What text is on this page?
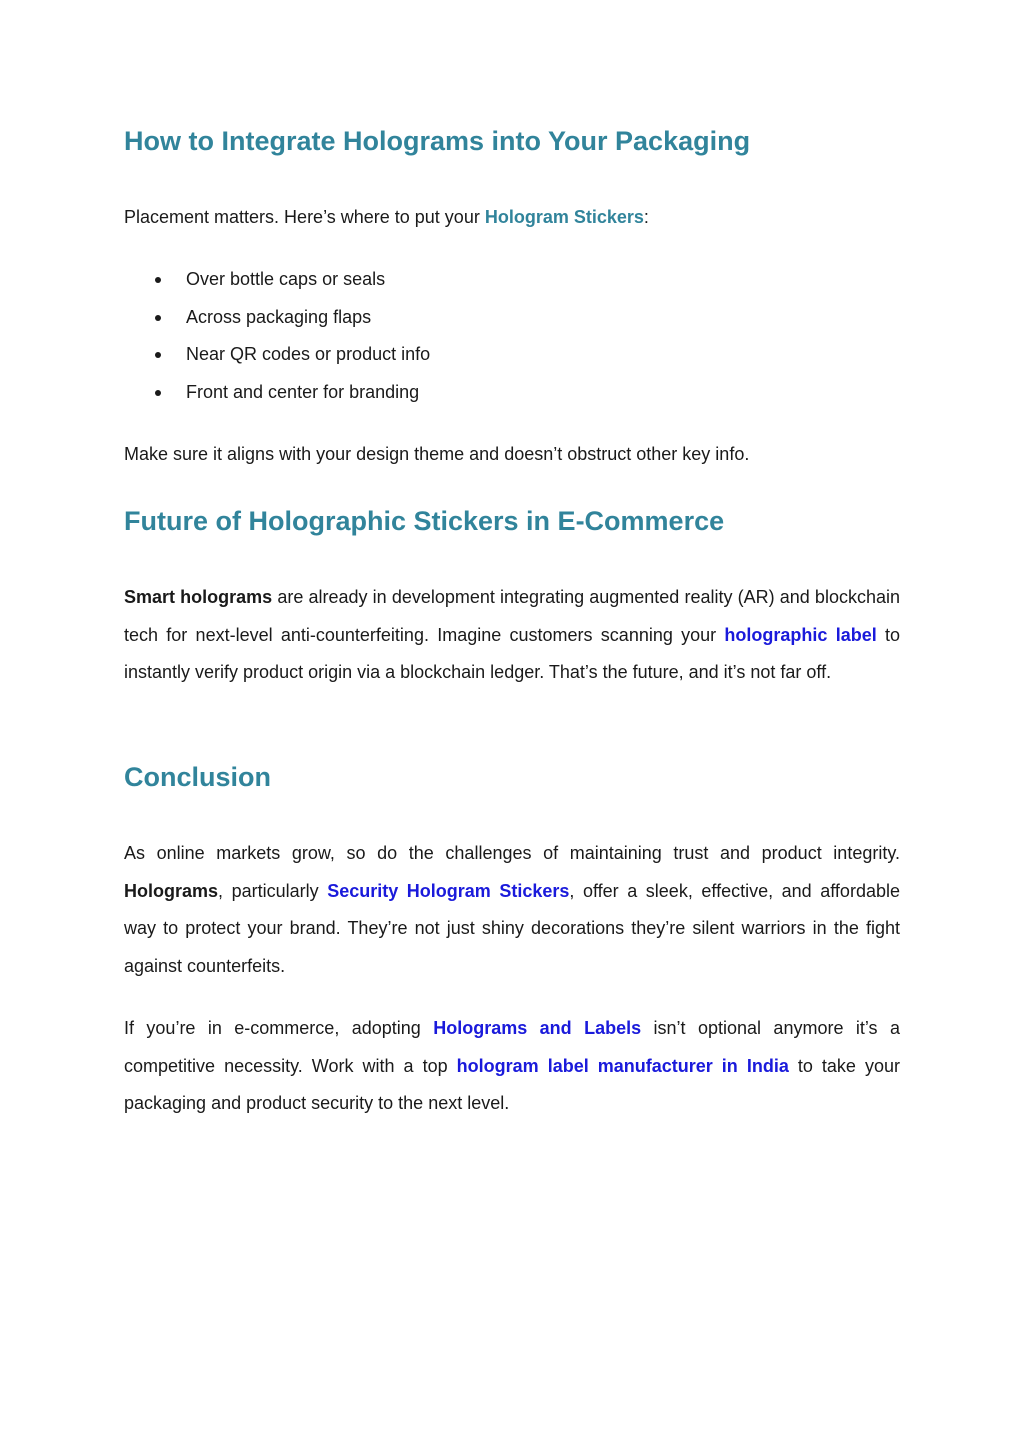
How to Integrate Holograms into Your Packaging

Placement matters. Here’s where to put your Hologram Stickers:

Over bottle caps or seals
Across packaging flaps
Near QR codes or product info
Front and center for branding

Make sure it aligns with your design theme and doesn’t obstruct other key info.

Future of Holographic Stickers in E-Commerce

Smart holograms are already in development integrating augmented reality (AR) and blockchain tech for next-level anti-counterfeiting. Imagine customers scanning your holographic label to instantly verify product origin via a blockchain ledger. That’s the future, and it’s not far off.

Conclusion

As online markets grow, so do the challenges of maintaining trust and product integrity. Holograms, particularly Security Hologram Stickers, offer a sleek, effective, and affordable way to protect your brand. They’re not just shiny decorations they’re silent warriors in the fight against counterfeits.

If you’re in e-commerce, adopting Holograms and Labels isn’t optional anymore it’s a competitive necessity. Work with a top hologram label manufacturer in India to take your packaging and product security to the next level.
